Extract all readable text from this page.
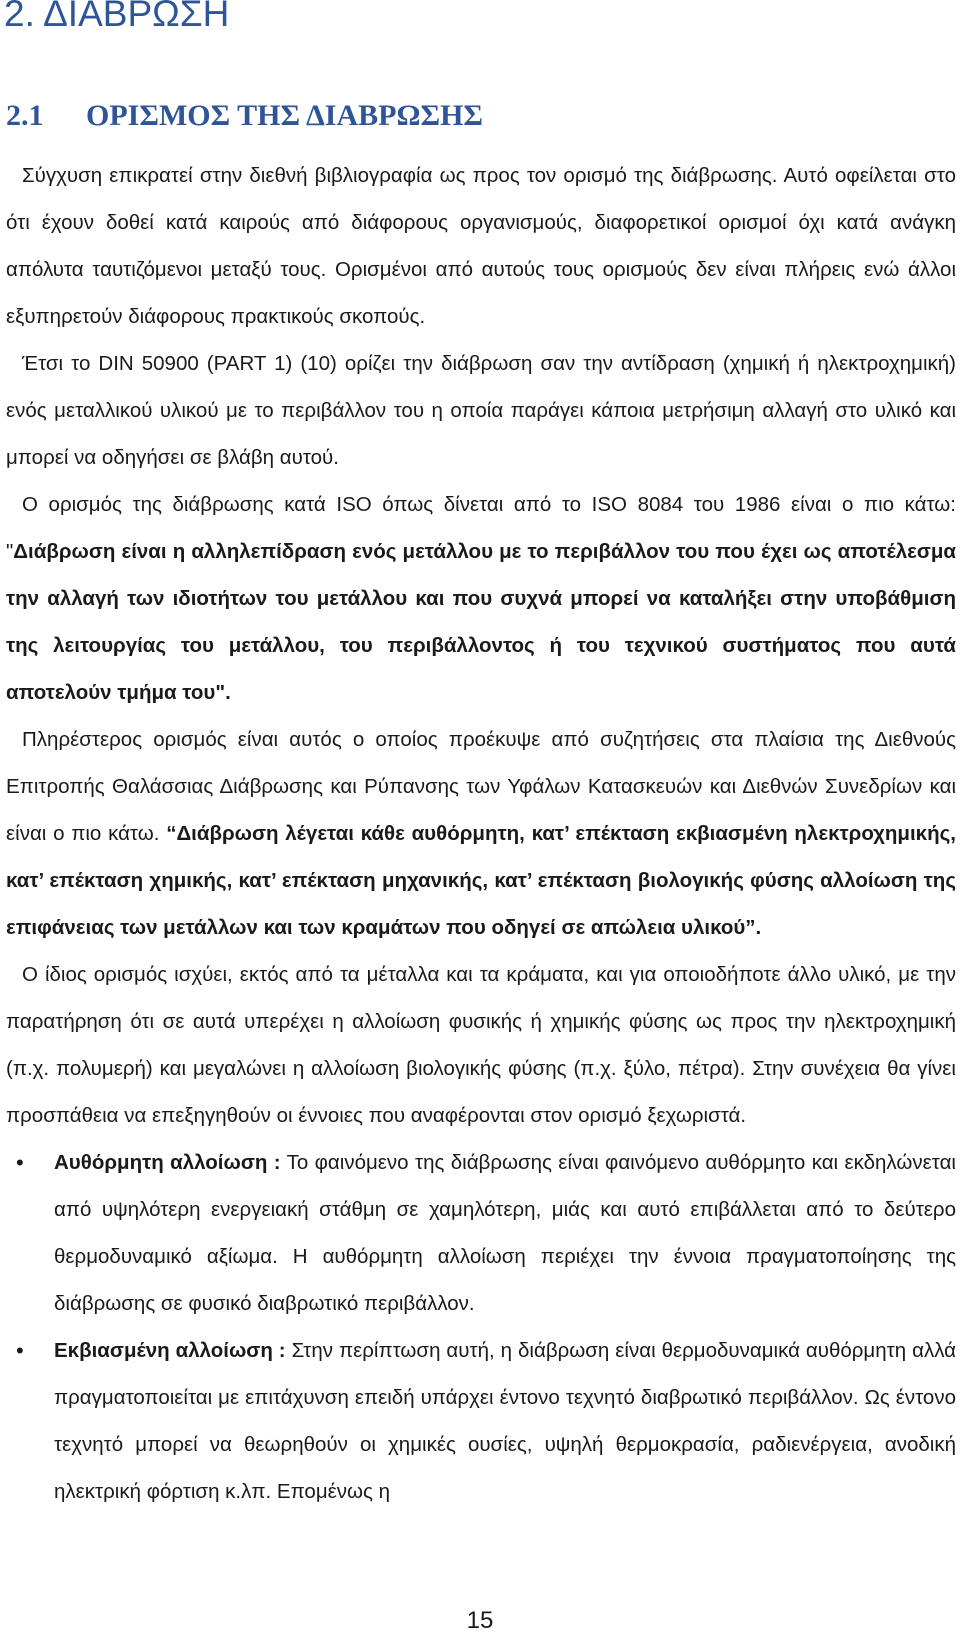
2. ΔΙΑΒΡΩΣΗ
2.1 ΟΡΙΣΜΟΣ ΤΗΣ ΔΙΑΒΡΩΣΗΣ

Σύγχυση επικρατεί στην διεθνή βιβλιογραφία ως προς τον ορισμό της διάβρωσης. Αυτό οφείλεται στο ότι έχουν δοθεί κατά καιρούς από διάφορους οργανισμούς, διαφορετικοί ορισμοί όχι κατά ανάγκη απόλυτα ταυτιζόμενοι μεταξύ τους. Ορισμένοι από αυτούς τους ορισμούς δεν είναι πλήρεις ενώ άλλοι εξυπηρετούν διάφορους πρακτικούς σκοπούς.

Έτσι το DIN 50900 (PART 1) (10) ορίζει την διάβρωση σαν την αντίδραση (χημική ή ηλεκτροχημική) ενός μεταλλικού υλικού με το περιβάλλον του η οποία παράγει κάποια μετρήσιμη αλλαγή στο υλικό και μπορεί να οδηγήσει σε βλάβη αυτού.

Ο ορισμός της διάβρωσης κατά ISO όπως δίνεται από το ISO 8084 του 1986 είναι ο πιο κάτω: "Διάβρωση είναι η αλληλεπίδραση ενός μετάλλου με το περιβάλλον του που έχει ως αποτέλεσμα την αλλαγή των ιδιοτήτων του μετάλλου και που συχνά μπορεί να καταλήξει στην υποβάθμιση της λειτουργίας του μετάλλου, του περιβάλλοντος ή του τεχνικού συστήματος που αυτά αποτελούν τμήμα του".

Πληρέστερος ορισμός είναι αυτός ο οποίος προέκυψε από συζητήσεις στα πλαίσια της Διεθνούς Επιτροπής Θαλάσσιας Διάβρωσης και Ρύπανσης των Υφάλων Κατασκευών και Διεθνών Συνεδρίων και είναι ο πιο κάτω. “Διάβρωση λέγεται κάθε αυθόρμητη, κατ’ επέκταση εκβιασμένη ηλεκτροχημικής, κατ’ επέκταση χημικής, κατ’ επέκταση μηχανικής, κατ’ επέκταση βιολογικής φύσης αλλοίωση της επιφάνειας των μετάλλων και των κραμάτων που οδηγεί σε απώλεια υλικού”.

Ο ίδιος ορισμός ισχύει, εκτός από τα μέταλλα και τα κράματα, και για οποιοδήποτε άλλο υλικό, με την παρατήρηση ότι σε αυτά υπερέχει η αλλοίωση φυσικής ή χημικής φύσης ως προς την ηλεκτροχημική (π.χ. πολυμερή) και μεγαλώνει η αλλοίωση βιολογικής φύσης (π.χ. ξύλο, πέτρα). Στην συνέχεια θα γίνει προσπάθεια να επεξηγηθούν οι έννοιες που αναφέρονται στον ορισμό ξεχωριστά.

•	Αυθόρμητη αλλοίωση : Το φαινόμενο της διάβρωσης είναι φαινόμενο αυθόρμητο και εκδηλώνεται από υψηλότερη ενεργειακή στάθμη σε χαμηλότερη, μιάς και αυτό επιβάλλεται από το δεύτερο θερμοδυναμικό αξίωμα. Η αυθόρμητη αλλοίωση περιέχει την έννοια πραγματοποίησης της διάβρωσης σε φυσικό διαβρωτικό περιβάλλον.
•	Εκβιασμένη αλλοίωση : Στην περίπτωση αυτή, η διάβρωση είναι θερμοδυναμικά αυθόρμητη αλλά πραγματοποιείται με επιτάχυνση επειδή υπάρχει έντονο τεχνητό διαβρωτικό περιβάλλον. Ως έντονο τεχνητό μπορεί να θεωρηθούν οι χημικές ουσίες, υψηλή θερμοκρασία, ραδιενέργεια, ανοδική ηλεκτρική φόρτιση κ.λπ. Επομένως η
15
